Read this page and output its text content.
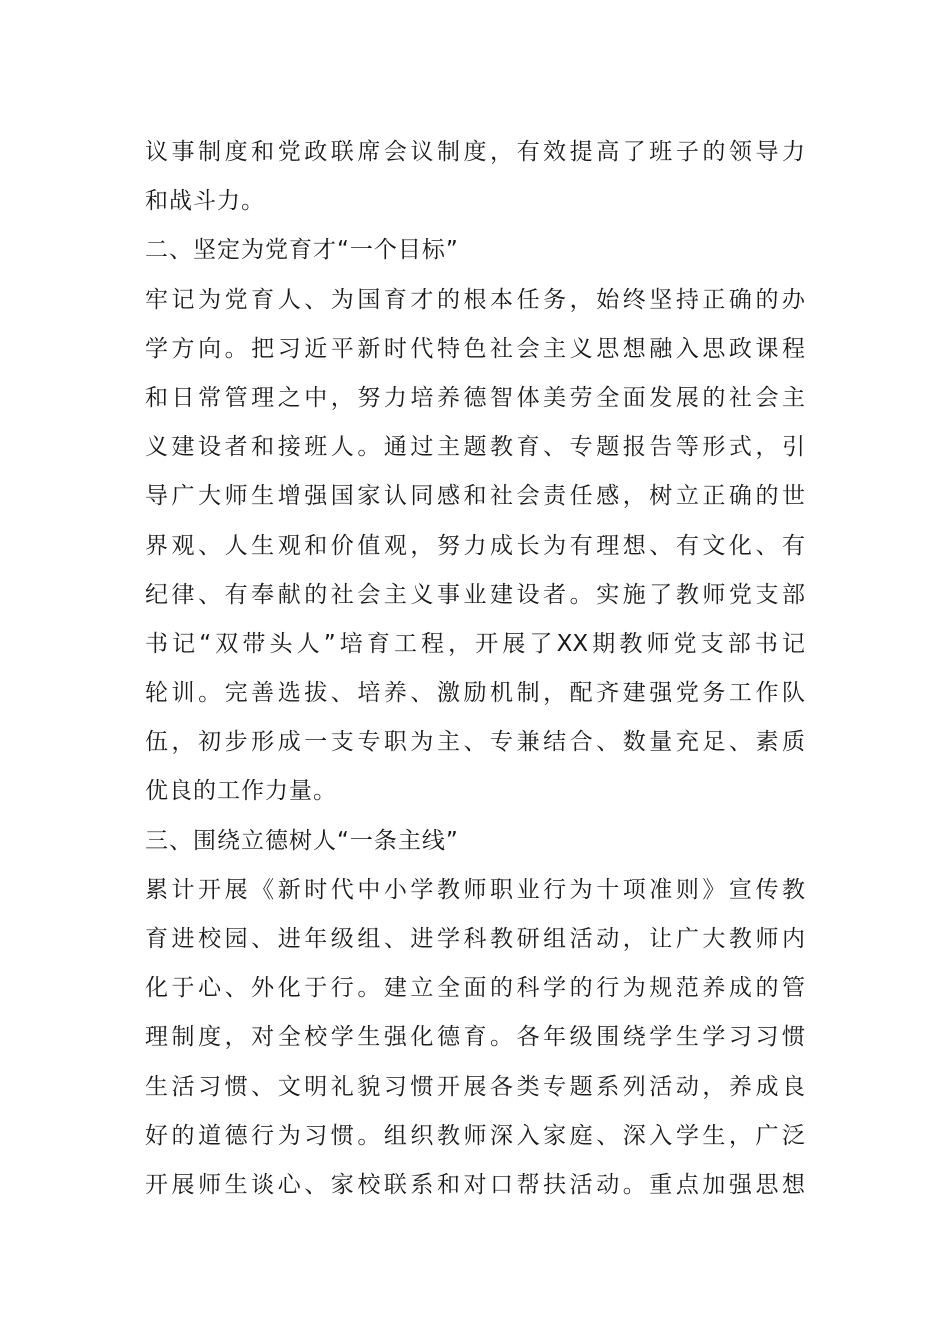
议事制度和党政联席会议制度，有效提高了班子的领导力
和战斗力。
二、坚定为党育才“一个目标”
牢记为党育人、为国育才的根本任务，始终坚持正确的办
学方向。把习近平新时代特色社会主义思想融入思政课程
和日常管理之中，努力培养德智体美劳全面发展的社会主
义建设者和接班人。通过主题教育、专题报告等形式，引
导广大师生增强国家认同感和社会责任感，树立正确的世
界观、人生观和价值观，努力成长为有理想、有文化、有
纪律、有奉献的社会主义事业建设者。实施了教师党支部
书记“双带头人”培育工程，开展了XX期教师党支部书记
轮训。完善选拔、培养、激励机制，配齐建强党务工作队
伍，初步形成一支专职为主、专兼结合、数量充足、素质
优良的工作力量。
三、围绕立德树人“一条主线”
累计开展《新时代中小学教师职业行为十项准则》宣传教
育进校园、进年级组、进学科教研组活动，让广大教师内
化于心、外化于行。建立全面的科学的行为规范养成的管
理制度，对全校学生强化德育。各年级围绕学生学习习惯
生活习惯、文明礼貌习惯开展各类专题系列活动，养成良
好的道德行为习惯。组织教师深入家庭、深入学生，广泛
开展师生谈心、家校联系和对口帮扶活动。重点加强思想
